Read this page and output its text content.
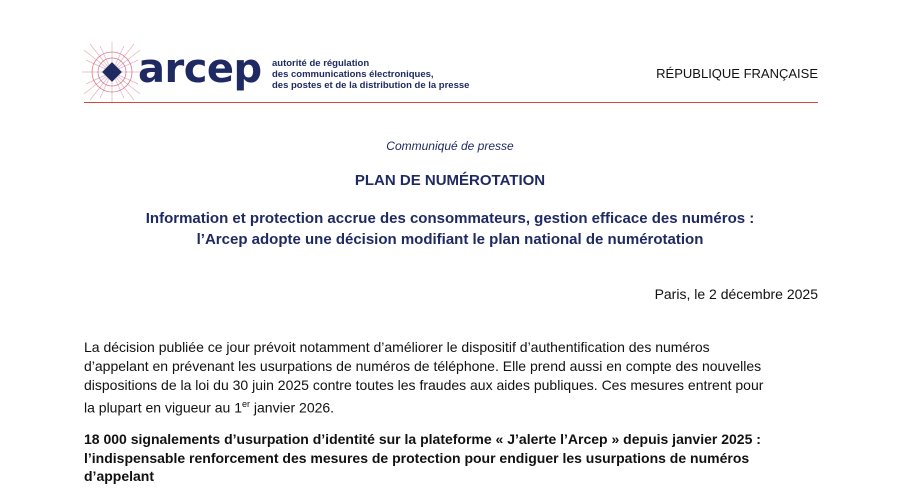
arcep autorité de régulation
des communications électroniques,
des postes et de la distribution de la presse
RÉPUBLIQUE FRANÇAISE
Communiqué de presse
PLAN DE NUMÉROTATION
Information et protection accrue des consommateurs, gestion efficace des numéros :
l’Arcep adopte une décision modifiant le plan national de numérotation
Paris, le 2 décembre 2025
La décision publiée ce jour prévoit notamment d’améliorer le dispositif d’authentification des numéros
d’appelant en prévenant les usurpations de numéros de téléphone. Elle prend aussi en compte des nouvelles
dispositions de la loi du 30 juin 2025 contre toutes les fraudes aux aides publiques. Ces mesures entrent pour
la plupart en vigueur au 1er janvier 2026.
18 000 signalements d’usurpation d’identité sur la plateforme « J’alerte l’Arcep » depuis janvier 2025 :
l’indispensable renforcement des mesures de protection pour endiguer les usurpations de numéros
d’appelant
